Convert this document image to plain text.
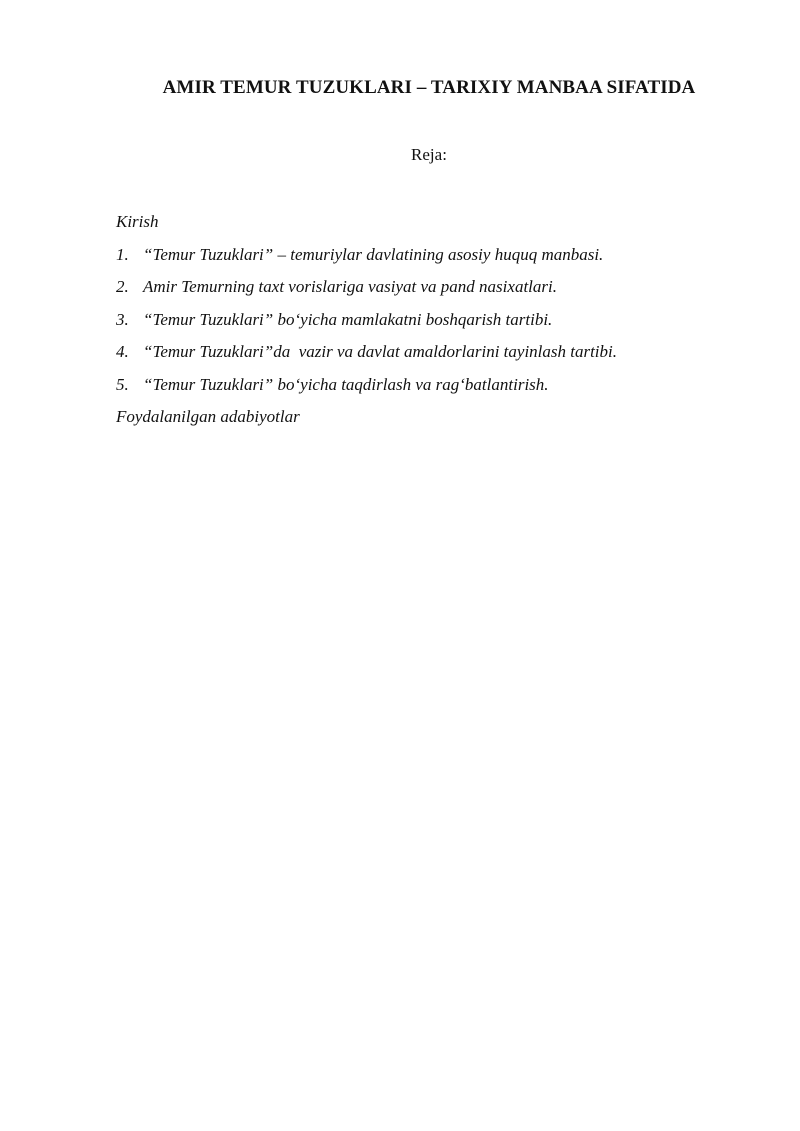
AMIR TEMUR TUZUKLARI – TARIXIY MANBAA SIFATIDA
Reja:
Kirish
1. “Temur Tuzuklari” – temuriylar davlatining asosiy huquq manbasi.
2. Amir Temurning taxt vorislariga vasiyat va pand nasixatlari.
3. “Temur Tuzuklari” bo‘yicha mamlakatni boshqarish tartibi.
4. “Temur Tuzuklari”da  vazir va davlat amaldorlarini tayinlash tartibi.
5. “Temur Tuzuklari” bo‘yicha taqdirlash va rag‘batlantirish.
Foydalanilgan adabiyotlar
